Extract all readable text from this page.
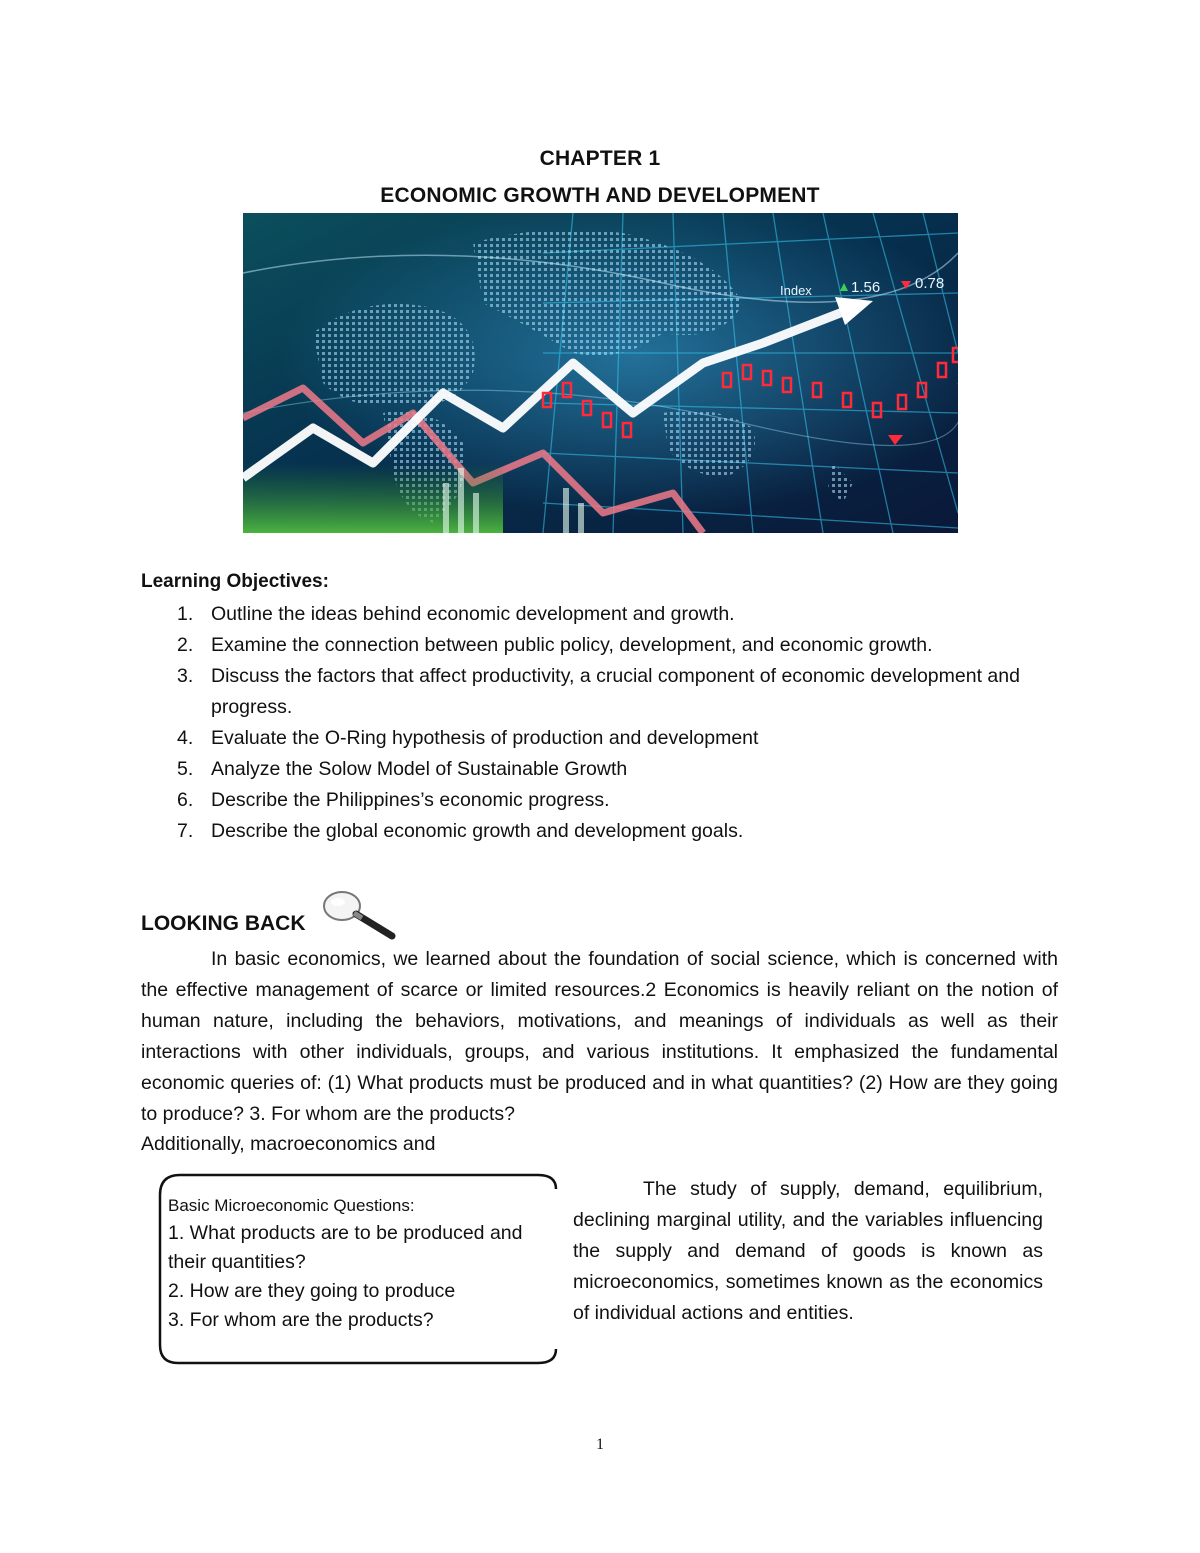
CHAPTER 1
ECONOMIC GROWTH AND DEVELOPMENT
Index	1.56 0.78
Learning Objectives:
1. Outline the ideas behind economic development and growth.
2. Examine the connection between public policy, development, and economic growth.
3. Discuss the factors that affect productivity, a crucial component of economic development and progress.
4. Evaluate the O-Ring hypothesis of production and development
5. Analyze the Solow Model of Sustainable Growth
6. Describe the Philippines’s economic progress.
7. Describe the global economic growth and development goals.
LOOKING BACK

In basic economics, we learned about the foundation of social science, which is concerned with the effective management of scarce or limited resources.2 Economics is heavily reliant on the notion of human nature, including the behaviors, motivations, and meanings of individuals as well as their interactions with other individuals, groups, and various institutions. It emphasized the fundamental economic queries of: (1) What products must be produced and in what quantities? (2) How are they going to produce? 3. For whom are the products?

Additionally, macroeconomics and
Basic Microeconomic Questions:
1. What products are to be produced and their quantities?
2. How are they going to produce
3. For whom are the products?

The study of supply, demand, equilibrium, declining marginal utility, and the variables influencing the supply and demand of goods is known as microeconomics, sometimes known as the economics of individual actions and entities.

1
